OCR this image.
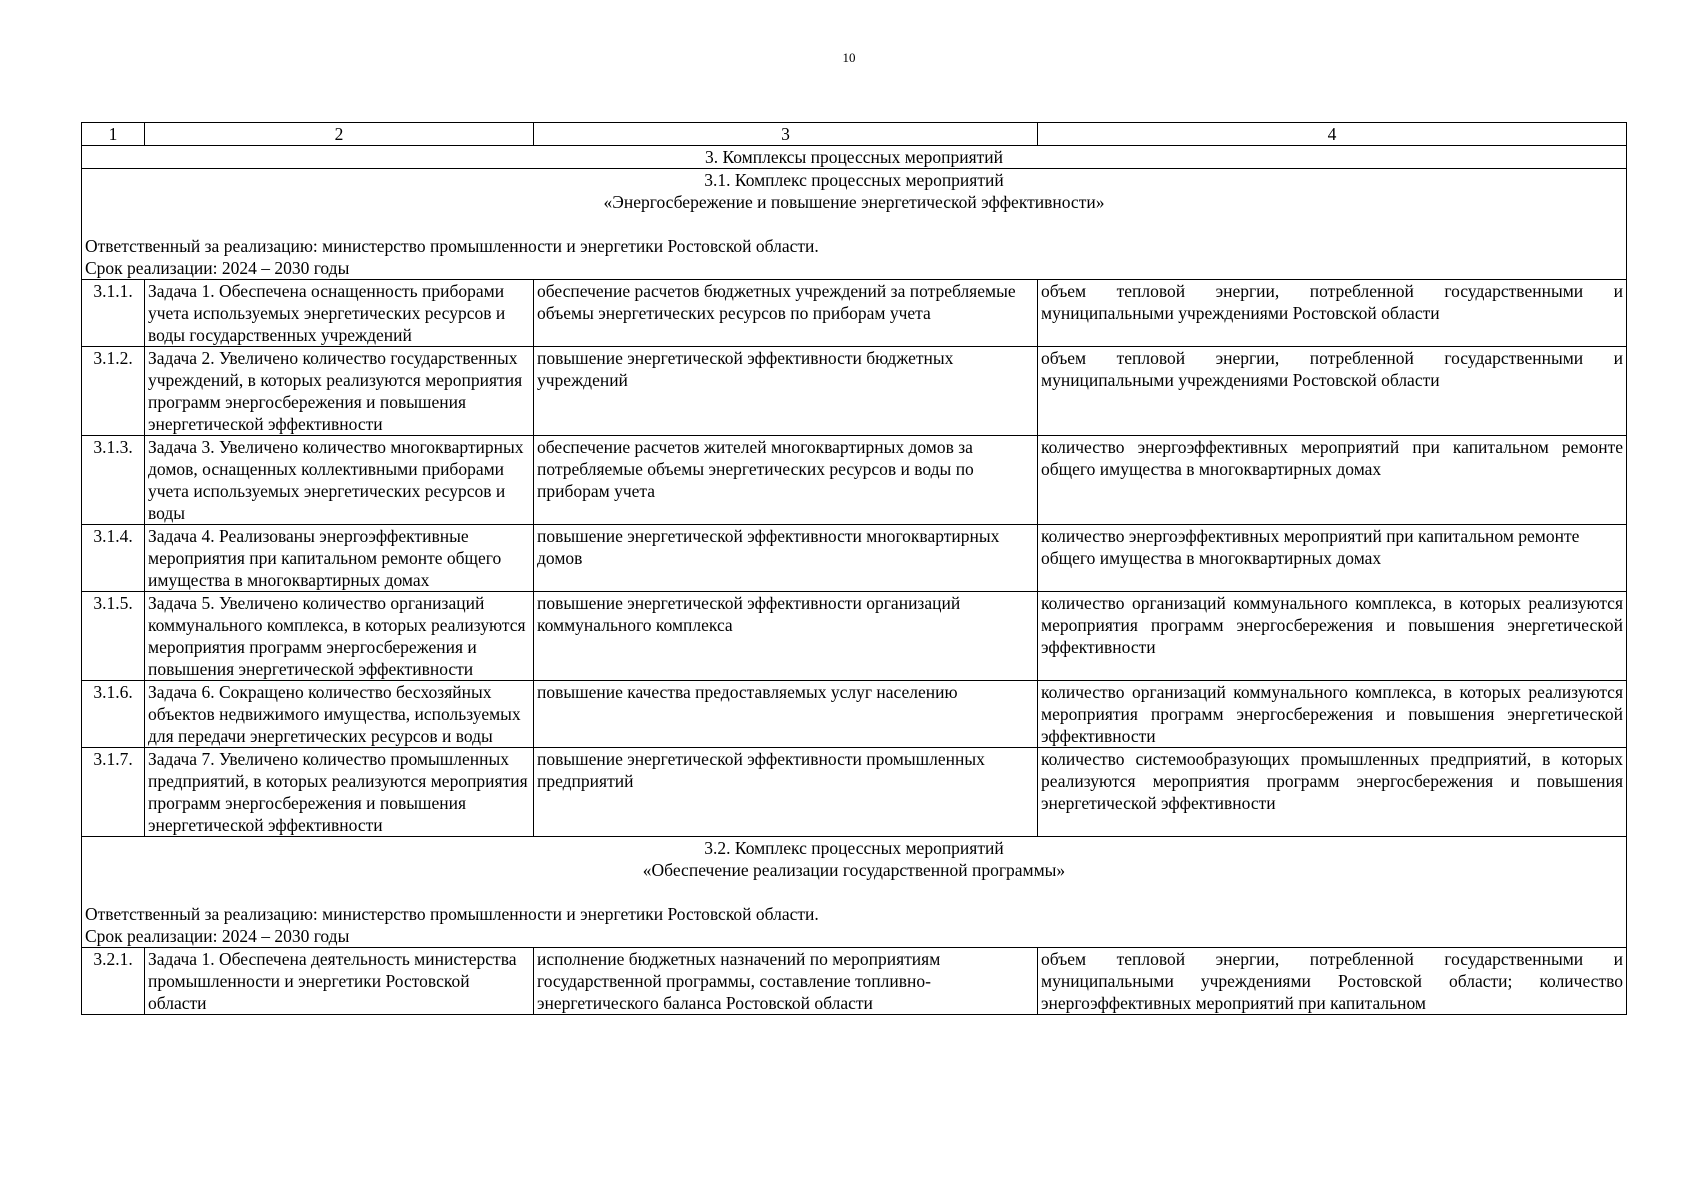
10
1	2	3	4
3. Комплексы процессных мероприятий			

3.1. Комплекс процессных мероприятий
«Энергосбережение и повышение энергетической эффективности»
Ответственный за реализацию: министерство промышленности и энергетики Ростовской области.
Срок реализации: 2024 – 2030 годы			

3.1.1.	Задача 1. Обеспечена оснащенность приборами учета используемых энергетических ресурсов и воды государственных учреждений	обеспечение расчетов бюджетных учреждений за потребляемые объемы энергетических ресурсов по приборам учета	объем тепловой энергии, потребленной государственными и муниципальными учреждениями Ростовской области
3.1.2.	Задача 2. Увеличено количество государственных учреждений, в которых реализуются мероприятия программ энергосбережения и повышения энергетической эффективности	повышение энергетической эффективности бюджетных учреждений	объем тепловой энергии, потребленной государственными и муниципальными учреждениями Ростовской области
3.1.3.	Задача 3. Увеличено количество многоквартирных домов, оснащенных коллективными приборами учета используемых энергетических ресурсов и воды	обеспечение расчетов жителей многоквартирных домов за потребляемые объемы энергетических ресурсов и воды по приборам учета	количество энергоэффективных мероприятий при капитальном ремонте общего имущества в многоквартирных домах
3.1.4.	Задача 4. Реализованы энергоэффективные мероприятия при капитальном ремонте общего имущества в многоквартирных домах	повышение энергетической эффективности многоквартирных домов	количество энергоэффективных мероприятий при капитальном ремонте общего имущества в многоквартирных домах
3.1.5.	Задача 5. Увеличено количество организаций коммунального комплекса, в которых реализуются мероприятия программ энергосбережения и повышения энергетической эффективности	повышение энергетической эффективности организаций коммунального комплекса	количество организаций коммунального комплекса, в которых реализуются мероприятия программ энергосбережения и повышения энергетической эффективности
3.1.6.	Задача 6. Сокращено количество бесхозяйных объектов недвижимого имущества, используемых для передачи энергетических ресурсов и воды	повышение качества предоставляемых услуг населению	количество организаций коммунального комплекса, в которых реализуются мероприятия программ энергосбережения и повышения энергетической эффективности
3.1.7.	Задача 7. Увеличено количество промышленных предприятий, в которых реализуются мероприятия программ энергосбережения и повышения энергетической эффективности	повышение энергетической эффективности промышленных предприятий	количество системообразующих промышленных предприятий, в которых реализуются мероприятия программ энергосбережения и повышения энергетической эффективности

3.2. Комплекс процессных мероприятий
«Обеспечение реализации государственной программы»
Ответственный за реализацию: министерство промышленности и энергетики Ростовской области.
Срок реализации: 2024 – 2030 годы			

3.2.1.	Задача 1. Обеспечена деятельность министерства промышленности и энергетики Ростовской области	исполнение бюджетных назначений по мероприятиям государственной программы, составление топливно-энергетического баланса Ростовской области	объем тепловой энергии, потребленной государственными и муниципальными учреждениями Ростовской области; количество энергоэффективных мероприятий при капитальном
